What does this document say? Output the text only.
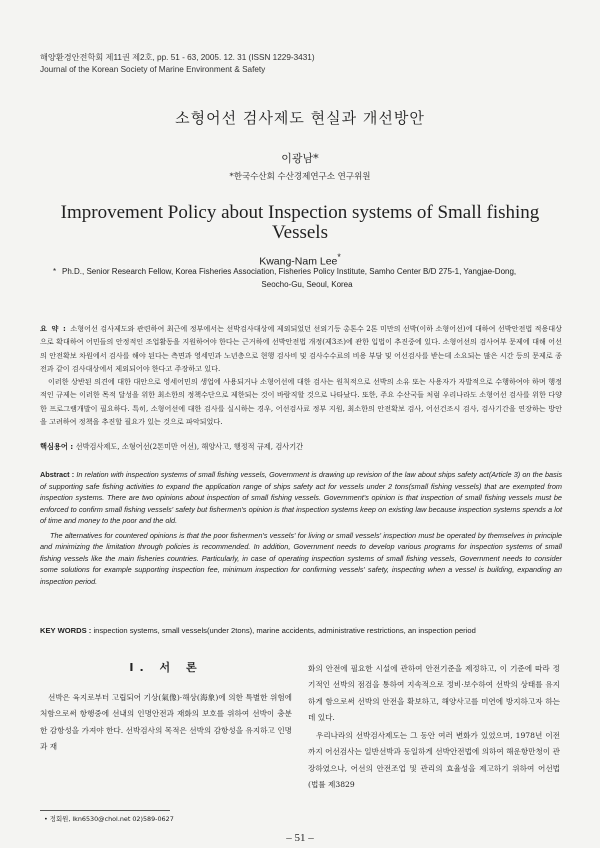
해양환경안전학회 제11권 제2호, pp. 51 - 63, 2005. 12. 31 (ISSN 1229-3431)
Journal of the Korean Society of Marine Environment & Safety
소형어선 검사제도 현실과 개선방안
이광남*
*한국수산회 수산경제연구소 연구위원
Improvement Policy about Inspection systems of Small fishing Vessels
Kwang-Nam Lee*
* Ph.D., Senior Research Fellow, Korea Fisheries Association, Fisheries Policy Institute, Samho Center B/D 275-1, Yangjae-Dong,
Seocho-Gu, Seoul, Korea

요 약 : 소형어선 검사제도와 관련하여 최근에 정부에서는 선박검사대상에 제외되었던 선외기등 총톤수 2톤 미만의 선박(이하 소형어선)에 대하여 선박안전법 적용대상으로 확대하여 어민들의 안정적인 조업활동을 지원하여야 한다는 근거하에 선박안전법 개정(제3조)에 관한 입법이 추진중에 있다. 소형어선의 검사여부 문제에 대해 어선의 안전확보 차원에서 검사를 해야 된다는 측면과 영세민과 노년층으로 현행 검사비 및 검사수수료의 비용 부담 및 어선검사를 받는데 소요되는 많은 시간 등의 문제로 종전과 같이 검사대상에서 제외되어야 한다고 주장하고 있다.

이러한 상반된 의견에 대한 대안으로 영세어민의 생업에 사용되거나 소형어선에 대한 검사는 원칙적으로 선박의 소유 또는 사용자가 자발적으로 수행하여야 하며 행정적인 규제는 이러한 목적 달성을 위한 최소한의 정책수단으로 제한되는 것이 바람직할 것으로 나타났다. 또한, 주요 수산국들 처럼 우리나라도 소형어선 검사를 위한 다양한 프로그램개발이 필요하다. 특히, 소형어선에 대한 검사를 실시하는 경우, 어선검사료 정부 지원, 최소한의 안전확보 검사, 어선건조시 검사, 검사기간을 연장하는 방안을 고려하여 정책을 추진할 필요가 있는 것으로 파악되었다.

핵심용어 : 선박검사제도, 소형어선(2톤미만 어선), 해양사고, 행정적 규제, 검사기간

Abstract : In relation with inspection systems of small fishing vessels, Government is drawing up revision of the law about ships safety act(Article 3) on the basis of supporting safe fishing activities to expand the application range of ships safety act for vessels under 2 tons(small fishing vessels) that are exempted from inspection systems. There are two opinions about inspection of small fishing vessels. Government's opinion is that inspection of small fishing vessels must be enforced to confirm small fishing vessels' safety but fishermen's opinion is that inspection systems keep on existing law because inspection systems spends a lot of time and money to the poor and the old.

The alternatives for countered opinions is that the poor fishermen's vessels' for living or small vessels' inspection must be operated by themselves in principle and minimizing the limitation through policies is recommended. In addition, Government needs to develop various programs for inspection systems of small fishing vessels like the main fisheries countries. Particularly, in case of operating inspection systems of small fishing vessels, Government needs to consider some solutions for example supporting inspection fee, minimum inspection for confirming vessels' safety, inspecting when a vessel is building, expanding an inspection period.

KEY WORDS : inspection systems, small vessels(under 2tons), marine accidents, administrative restrictions, an inspection period
Ⅰ. 서 론
선박은 육지로부터 고립되어 기상(氣像)·해상(海象)에 의한 특별한 위험에 처함으로써 항행중에 선내의 인명안전과 재화의 보호를 위하여 선박이 충분한 감항성을 가져야 한다. 선박검사의 목적은 선박의 감항성을 유지하고 인명과 재

화의 안전에 필요한 시설에 관하여 안전기준을 제정하고, 이 기준에 따라 정기적인 선박의 점검을 통하여 지속적으로 정비·보수하여 선박의 상태를 유지하게 함으로써 선박의 안전을 확보하고, 해양사고를 미연에 방지하고자 하는데 있다.

우리나라의 선박검사제도는 그 동안 여러 변화가 있었으며, 1978년 이전까지 어선검사는 일반선박과 동일하게 선박안전법에 의하여 해운항만청이 관장하였으나, 어선의 안전조업 및 관리의 효율성을 제고하기 위하여 어선법(법률 제3829

• 정회원, lkn6530@chol.net 02)589-0627
– 51 –
